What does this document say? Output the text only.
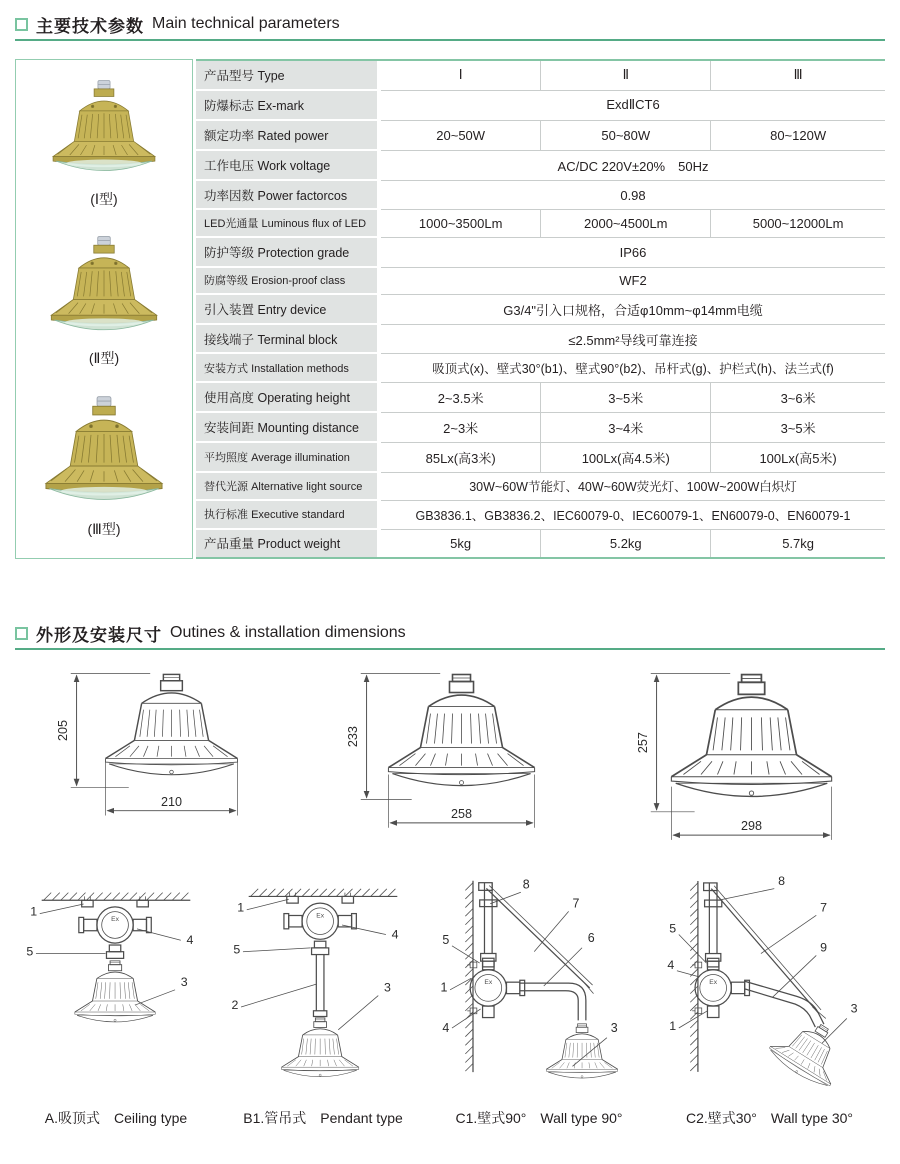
主要技术参数 Main technical parameters
(Ⅰ型)
(Ⅱ型)
(Ⅲ型)
产品型号 Type	Ⅰ	Ⅱ	Ⅲ
防爆标志 Ex-mark	ExdⅡCT6		
额定功率 Rated power	20~50W	50~80W	80~120W
工作电压 Work voltage	AC/DC 220V±20%　50Hz		
功率因数 Power factorcos	0.98		
LED光通量 Luminous flux of LED	1000~3500Lm	2000~4500Lm	5000~12000Lm
防护等级 Protection grade	IP66		
防腐等级 Erosion-proof class	WF2		
引入装置 Entry device	G3/4"引入口规格，合适φ10mm~φ14mm电缆		
接线端子 Terminal block	≤2.5mm²导线可靠连接		
安装方式 Installation methods	吸顶式(x)、壁式30°(b1)、壁式90°(b2)、吊杆式(g)、护栏式(h)、法兰式(f)		
使用高度 Operating height	2~3.5米	3~5米	3~6米
安装间距 Mounting distance	2~3米	3~4米	3~5米
平均照度 Average illumination	85Lx(高3米)	100Lx(高4.5米)	100Lx(高5米)
替代光源 Alternative light source	30W~60W节能灯、40W~60W荧光灯、100W~200W白炽灯		
执行标准 Executive standard	GB3836.1、GB3836.2、IEC60079-0、IEC60079-1、EN60079-0、EN60079-1		
产品重量 Product weight	5kg	5.2kg	5.7kg
外形及安装尺寸 Outines & installation dimensions
205
210
233
258
257
298
Ex
1
5
4
3
A.吸顶式　 Ceiling type
Ex
1
4
5
2
3
B1.管吊式　 Pendant type
Ex
8
7
5	6
1
4	3
C1.壁式90°　 Wall type 90°
Ex
8
7
5
9
4
1
3
C2.壁式30°　 Wall type 30°
